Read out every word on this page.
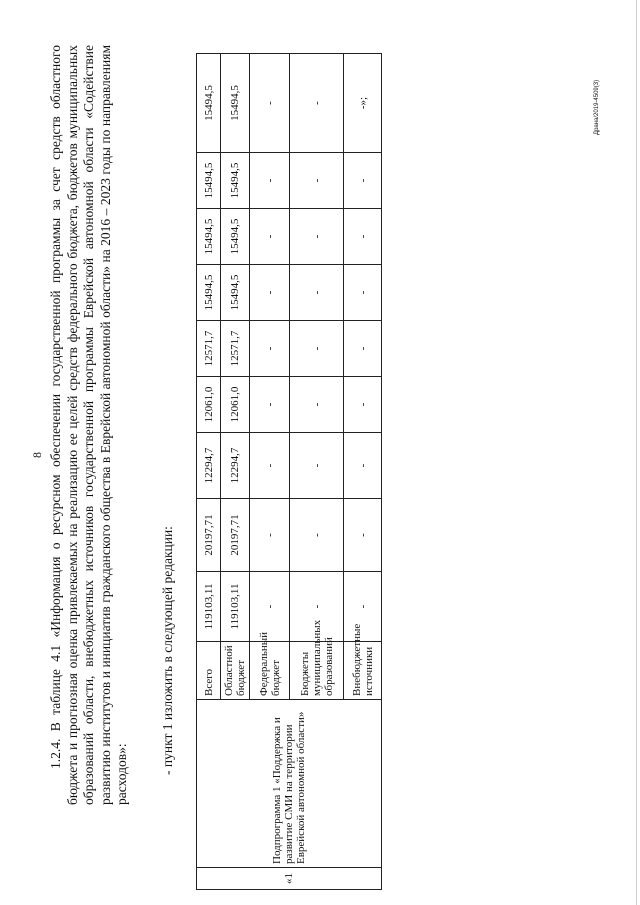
8 1.2.4. В таблице 4.1 «Информация о ресурсном обеспечении государственной программы за счет средств областного бюджета и прогнозная оценка привлекаемых на реализацию ее целей средств федерального бюджета, бюджетов муниципальных образований области, внебюджетных источников государственной программы Еврейской автономной области «Содействие развитию институтов и инициатив гражданского общества в Еврейской автономной области» на 2016 – 2023 годы по направлениям расходов»: - пункт 1 изложить в следующей редакции:

«1	Подпрограмма 1 «Поддержка и развитие СМИ на территории Еврейской автономной области»	Всего	119103,11	20197,71	12294,7	12061,0	12571,7	15494,5	15494,5	15494,5	15494,5
		Областной бюджет	119103,11	20197,71	12294,7	12061,0	12571,7	15494,5	15494,5	15494,5	15494,5
		Федеральный бюджет	-	-	-	-	-	-	-	-	-
		Бюджеты муниципальных образований	-	-	-	-	-	-	-	-	-
		Внебюджетные источники	-	-	-	-	-	-	-	-	-»;	Драна/2019-4509(3)
